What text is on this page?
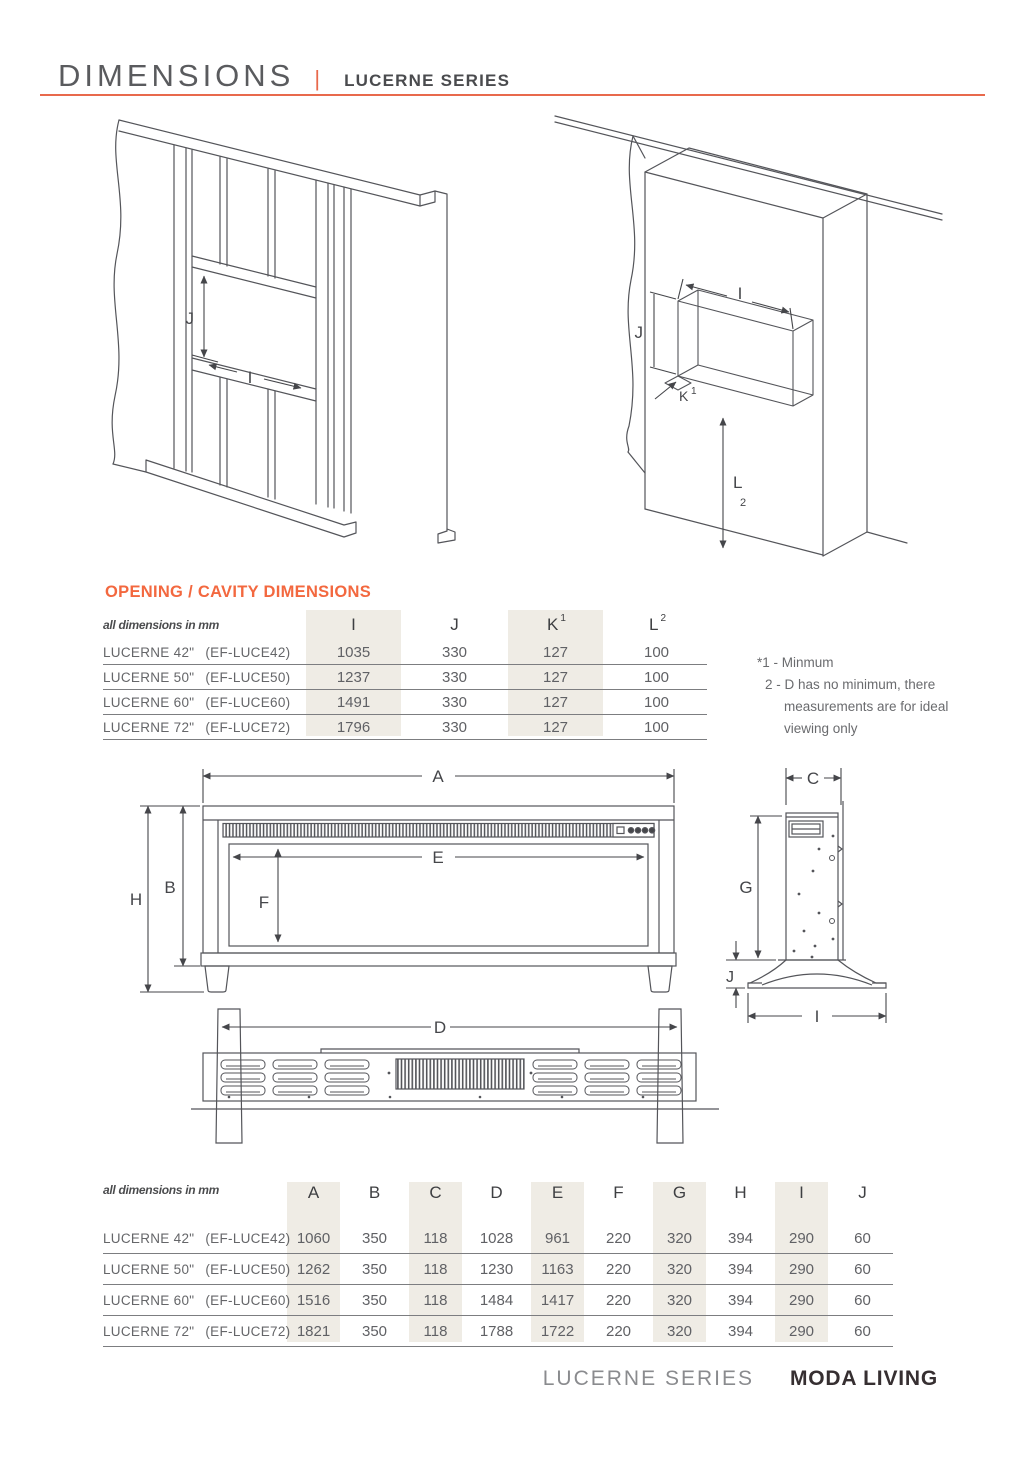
DIMENSIONS | LUCERNE SERIES
J
I
I
J
K 1
L
2
OPENING / CAVITY DIMENSIONS
all dimensions in mm	I	J	K $^1$	L $^2$
LUCERNE 42" (EF-LUCE42)	1035	330	127	100
LUCERNE 50" (EF-LUCE50)	1237	330	127	100
LUCERNE 60" (EF-LUCE60)	1491	330	127	100
LUCERNE 72" (EF-LUCE72)	1796	330	127	100
*1 - Minmum
2 - D has no minimum, there
measurements are for ideal
viewing only
A
H
B
E
F
C
G
J
I
D
all dimensions in mm	A	B	C	D	E	F	G	H	I	J
LUCERNE 42" (EF-LUCE42) 1060	350	118	1028	961	220	320	394	290	60
LUCERNE 50" (EF-LUCE50) 1262	350	118	1230	1163	220	320	394	290	60
LUCERNE 60" (EF-LUCE60) 1516	350	118	1484	1417	220	320	394	290	60
LUCERNE 72" (EF-LUCE72) 1821	350	118	1788	1722	220	320	394	290	60
LUCERNE SERIES MODA LIVING
